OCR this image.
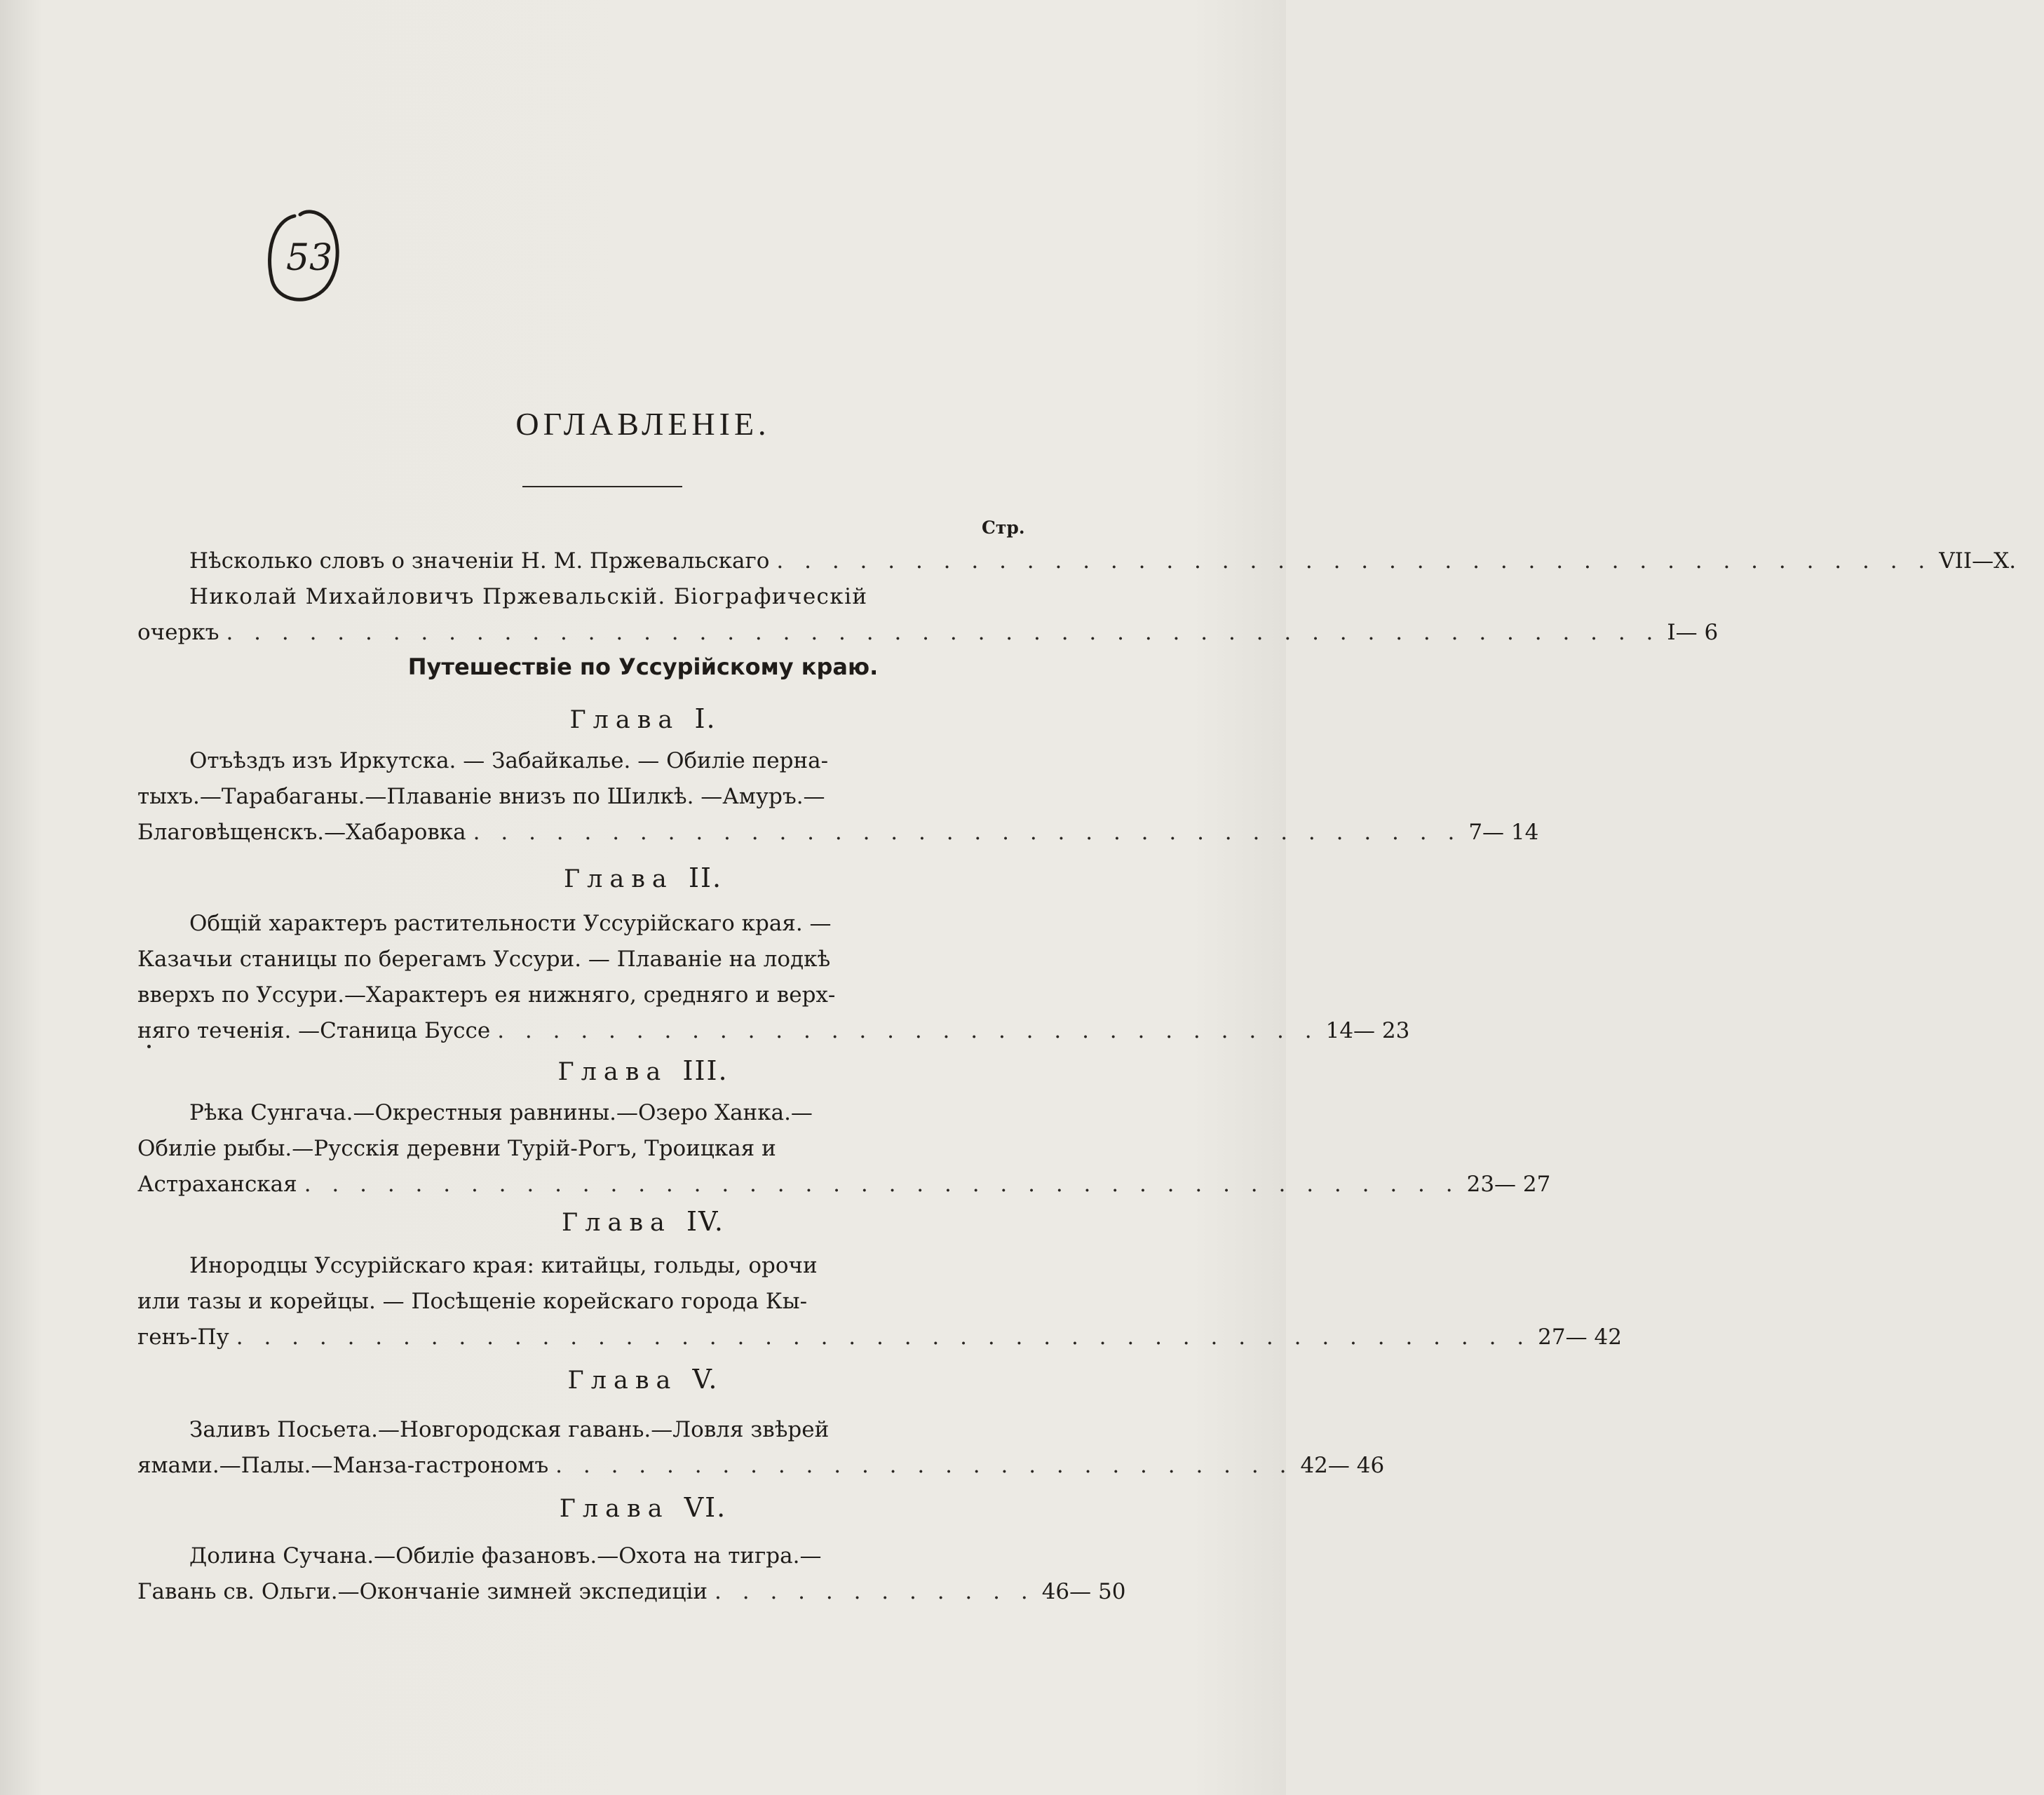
53
ОГЛАВЛЕНІЕ.
Стр.
Нѣсколько словъ о значеніи Н. М. Пржевальскаго . . . . . . . . . . . . . . . . . . . . . . . . . . . . . . . . . . . . . . . . . . VII—X.
Николай Михайловичъ Пржевальскій. Біографическій
очеркъ . . . . . . . . . . . . . . . . . . . . . . . . . . . . . . . . . . . . . . . . . . . . . . . . . . . . I— 6
Путешествіе по Уссурійскому краю.
Глава I.
Отъѣздъ изъ Иркутска. — Забайкалье. — Обиліе перна-
тыхъ.—Тарабаганы.—Плаваніе внизъ по Шилкѣ. —Амуръ.—
Благовѣщенскъ.—Хабаровка . . . . . . . . . . . . . . . . . . . . . . . . . . . . . . . . . . . . 7— 14
Глава II.
Общій характеръ растительности Уссурійскаго края. —
Казачьи станицы по берегамъ Уссури. — Плаваніе на лодкѣ
вверхъ по Уссури.—Характеръ ея нижняго, средняго и верх-
няго теченія. —Станица Буссе . . . . . . . . . . . . . . . . . . . . . . . . . . . . . . 14— 23
Глава III.
Рѣка Сунгача.—Окрестныя равнины.—Озеро Ханка.—
Обиліе рыбы.—Русскія деревни Турій-Рогъ, Троицкая и
Астраханская . . . . . . . . . . . . . . . . . . . . . . . . . . . . . . . . . . . . . . . . . . 23— 27
Глава IV.
Инородцы Уссурійскаго края: китайцы, гольды, орочи
или тазы и корейцы. — Посѣщеніе корейскаго города Кы-
генъ-Пу . . . . . . . . . . . . . . . . . . . . . . . . . . . . . . . . . . . . . . . . . . . . . . . 27— 42
Глава V.
Заливъ Посьета.—Новгородская гавань.—Ловля звѣрей
ямами.—Палы.—Манза-гастрономъ . . . . . . . . . . . . . . . . . . . . . . . . . . . 42— 46
Глава VI.
Долина Сучана.—Обиліе фазановъ.—Охота на тигра.—
Гавань св. Ольги.—Окончаніе зимней экспедиціи . . . . . . . . . . . . 46— 50
